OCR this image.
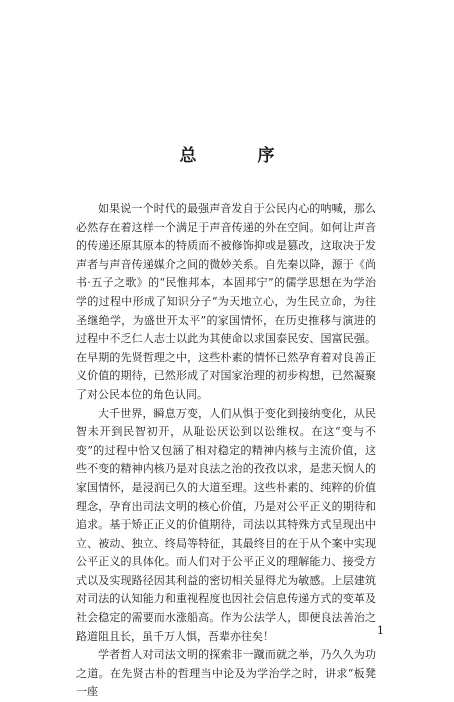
总　序

如果说一个时代的最强声音发自于公民内心的呐喊，那么必然存在着这样一个满足于声音传递的外在空间。如何让声音的传递还原其原本的特质而不被修饰抑或是篡改，这取决于发声者与声音传递媒介之间的微妙关系。自先秦以降，源于《尚书·五子之歌》的“民惟邦本，本固邦宁”的儒学思想在为学治学的过程中形成了知识分子“为天地立心，为生民立命，为往圣继绝学，为盛世开太平”的家国情怀，在历史推移与演进的过程中不乏仁人志士以此为其使命以求国泰民安、国富民强。在早期的先贤哲理之中，这些朴素的情怀已然孕育着对良善正义价值的期待，已然形成了对国家治理的初步构想，已然凝聚了对公民本位的角色认同。

大千世界，瞬息万变，人们从惧于变化到接纳变化，从民智未开到民智初开，从耻讼厌讼到以讼维权。在这“变与不变”的过程中恰又包涵了相对稳定的精神内核与主流价值，这些不变的精神内核乃是对良法之治的孜孜以求，是悲天悯人的家国情怀，是浸润已久的大道至理。这些朴素的、纯粹的价值理念，孕育出司法文明的核心价值，乃是对公平正义的期待和追求。基于矫正正义的价值期待，司法以其特殊方式呈现出中立、被动、独立、终局等特征，其最终目的在于从个案中实现公平正义的具体化。而人们对于公平正义的理解能力、接受方式以及实现路径因其利益的密切相关显得尤为敏感。上层建筑对司法的认知能力和重视程度也因社会信息传递方式的变革及社会稳定的需要而水涨船高。作为公法学人，即便良法善治之路道阻且长，虽千万人惧，吾辈亦往矣！

学者哲人对司法文明的探索非一蹴而就之举，乃久久为功之道。在先贤古朴的哲理当中论及为学治学之时，讲求“板凳一座

1
